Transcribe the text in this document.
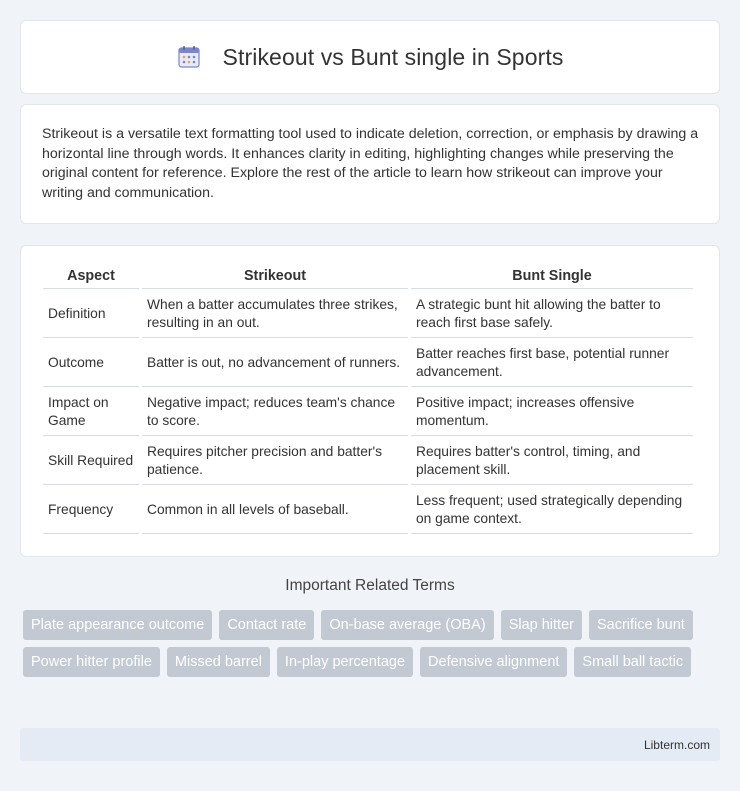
Strikeout vs Bunt single in Sports

Strikeout is a versatile text formatting tool used to indicate deletion, correction, or emphasis by drawing a horizontal line through words. It enhances clarity in editing, highlighting changes while preserving the original content for reference. Explore the rest of the article to learn how strikeout can improve your writing and communication.

Aspect	Strikeout	Bunt Single
Definition	When a batter accumulates three strikes, resulting in an out.	A strategic bunt hit allowing the batter to reach first base safely.
Outcome	Batter is out, no advancement of runners.	Batter reaches first base, potential runner advancement.
Impact on Game	Negative impact; reduces team's chance to score.	Positive impact; increases offensive momentum.
Skill Required	Requires pitcher precision and batter's patience.	Requires batter's control, timing, and placement skill.
Frequency	Common in all levels of baseball.	Less frequent; used strategically depending on game context.
Important Related Terms
Plate appearance outcome	Contact rate	On-base average (OBA)	Slap hitter	Sacrifice bunt
Power hitter profile	Missed barrel	In-play percentage	Defensive alignment	Small ball tactic
Libterm.com
